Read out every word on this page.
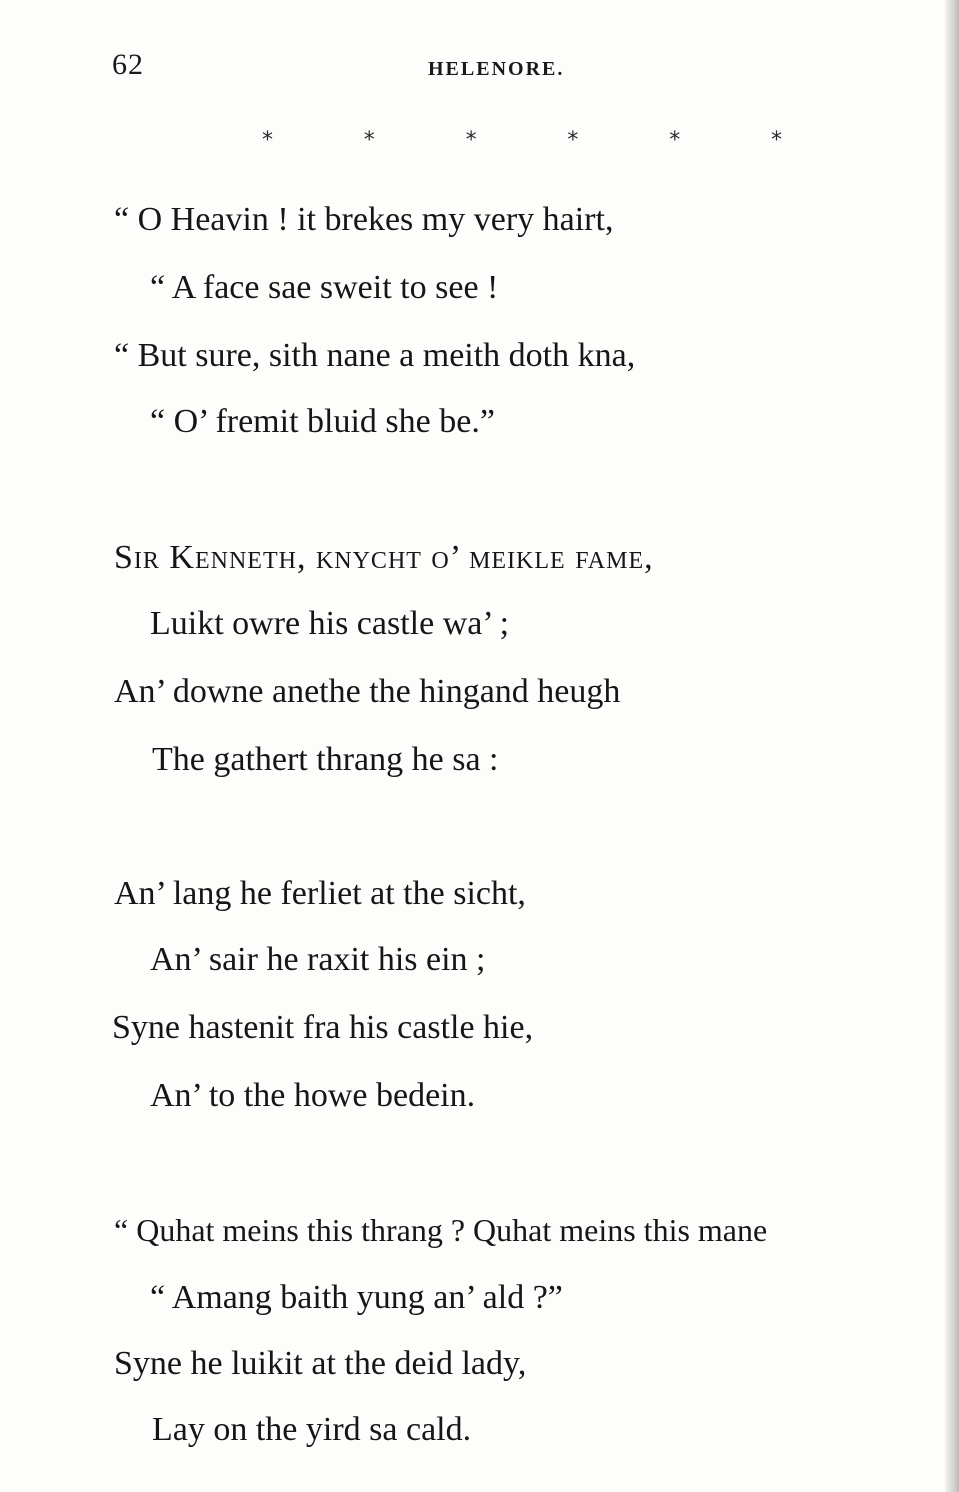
62	HELENORE.
*	*	*	*	*	*
“ O Heavin ! it brekes my very hairt,
“ A face sae sweit to see !
“ But sure, sith nane a meith doth kna,
“ O’ fremit bluid she be.”
Sir Kenneth, knycht o’ meikle fame,
Luikt owre his castle wa’ ;
An’ downe anethe the hingand heugh
The gathert thrang he sa :
An’ lang he ferliet at the sicht,
An’ sair he raxit his ein ;
Syne hastenit fra his castle hie,
An’ to the howe bedein.
“ Quhat meins this thrang ? Quhat meins this mane
“ Amang baith yung an’ ald ?”
Syne he luikit at the deid lady,
Lay on the yird sa cald.
